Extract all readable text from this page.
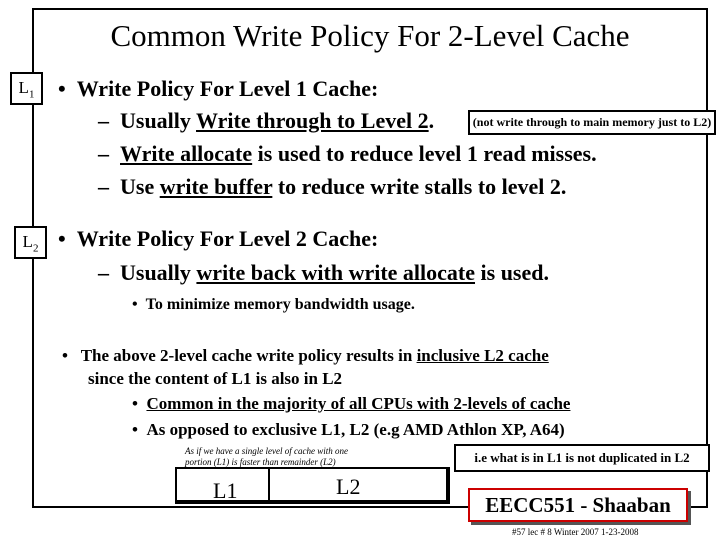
Common Write Policy For 2-Level Cache
$L_1$
$L_2$
•  Write Policy For Level 1 Cache:
–  Usually Write through to Level 2.	(not write through to main memory just to L2)
–  Write allocate is used to reduce level 1 read misses.
–  Use write buffer to reduce write stalls to level 2.
•  Write Policy For Level 2 Cache:
–  Usually write back with write allocate is used.
•  To minimize memory bandwidth usage.
•   The above 2-level cache write policy results in inclusive L2 cache
since the content of L1 is also in L2
•  Common in the majority of all CPUs with 2-levels of cache
•  As opposed to exclusive L1, L2 (e.g AMD Athlon XP, A64)
As if we have a single level of cache with one
portion (L1) is faster than remainder (L2)	i.e what is in L1 is not duplicated in L2
L1	L2
EECC551 - Shaaban
#57 lec # 8 Winter 2007 1-23-2008
